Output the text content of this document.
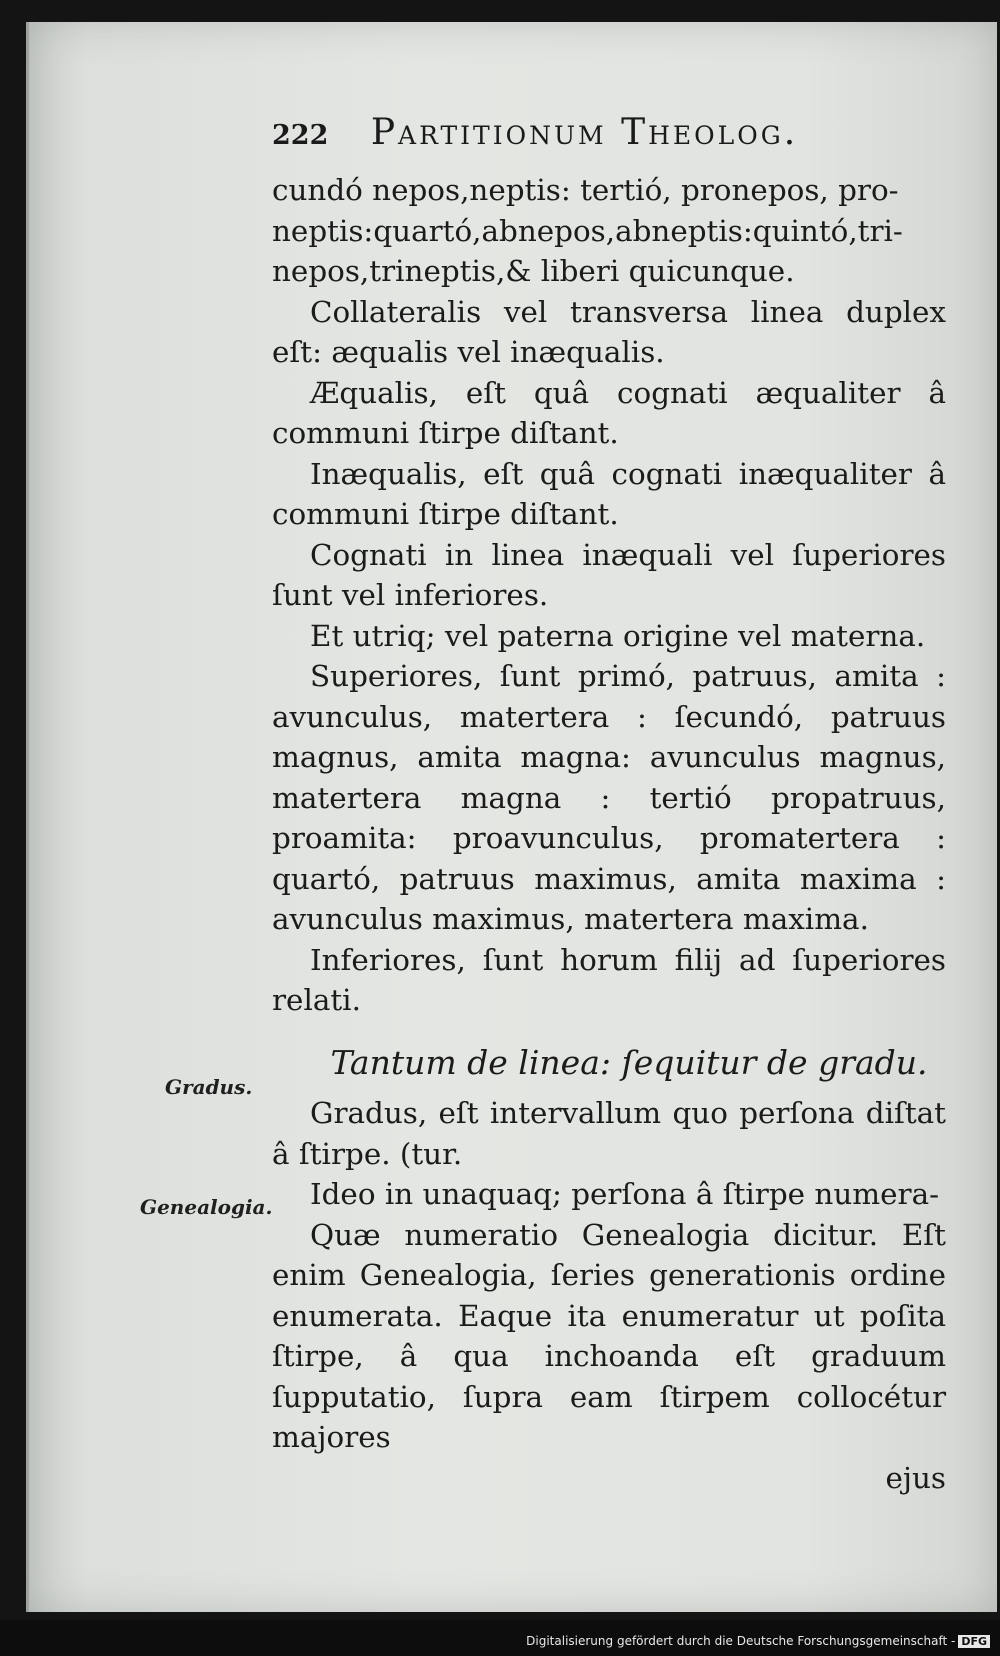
222 Partitionum Theolog.

cundó nepos,neptis: tertió, pronepos, pro-

neptis:quartó,abnepos,abneptis:quintó,tri-

nepos,trineptis,& liberi quicunque.

Collateralis vel transversa linea duplex eſt: æqualis vel inæqualis.

Æqualis, eſt quâ cognati æqualiter â communi ſtirpe diſtant.

Inæqualis, eſt quâ cognati inæqualiter â communi ſtirpe diſtant.

Cognati in linea inæquali vel ſuperiores ſunt vel inferiores.

Et utriq; vel paterna origine vel materna.

Superiores, ſunt primó, patruus, amita : avunculus, matertera : ſecundó, patruus magnus, amita magna: avunculus magnus, matertera magna : tertió propatruus, proamita: proavunculus, promatertera : quartó, patruus maximus, amita maxima : avunculus maximus, matertera maxima.

Inferiores, ſunt horum filij ad ſuperiores relati.

Tantum de linea: ſequitur de gradu.

Gradus, eſt intervallum quo perſona diſtat â ſtirpe. (tur.

Ideo in unaquaq; perſona â ſtirpe numera-

Quæ numeratio Genealogia dicitur. Eſt enim Genealogia, ſeries generationis ordine enumerata. Eaque ita enumeratur ut poſita ſtirpe, â qua inchoanda eſt graduum ſupputatio, ſupra eam ſtirpem collocétur majores

ejus

Gradus.
Genealogia.
Digitalisierung gefördert durch die Deutsche Forschungsgemeinschaft - DFG
